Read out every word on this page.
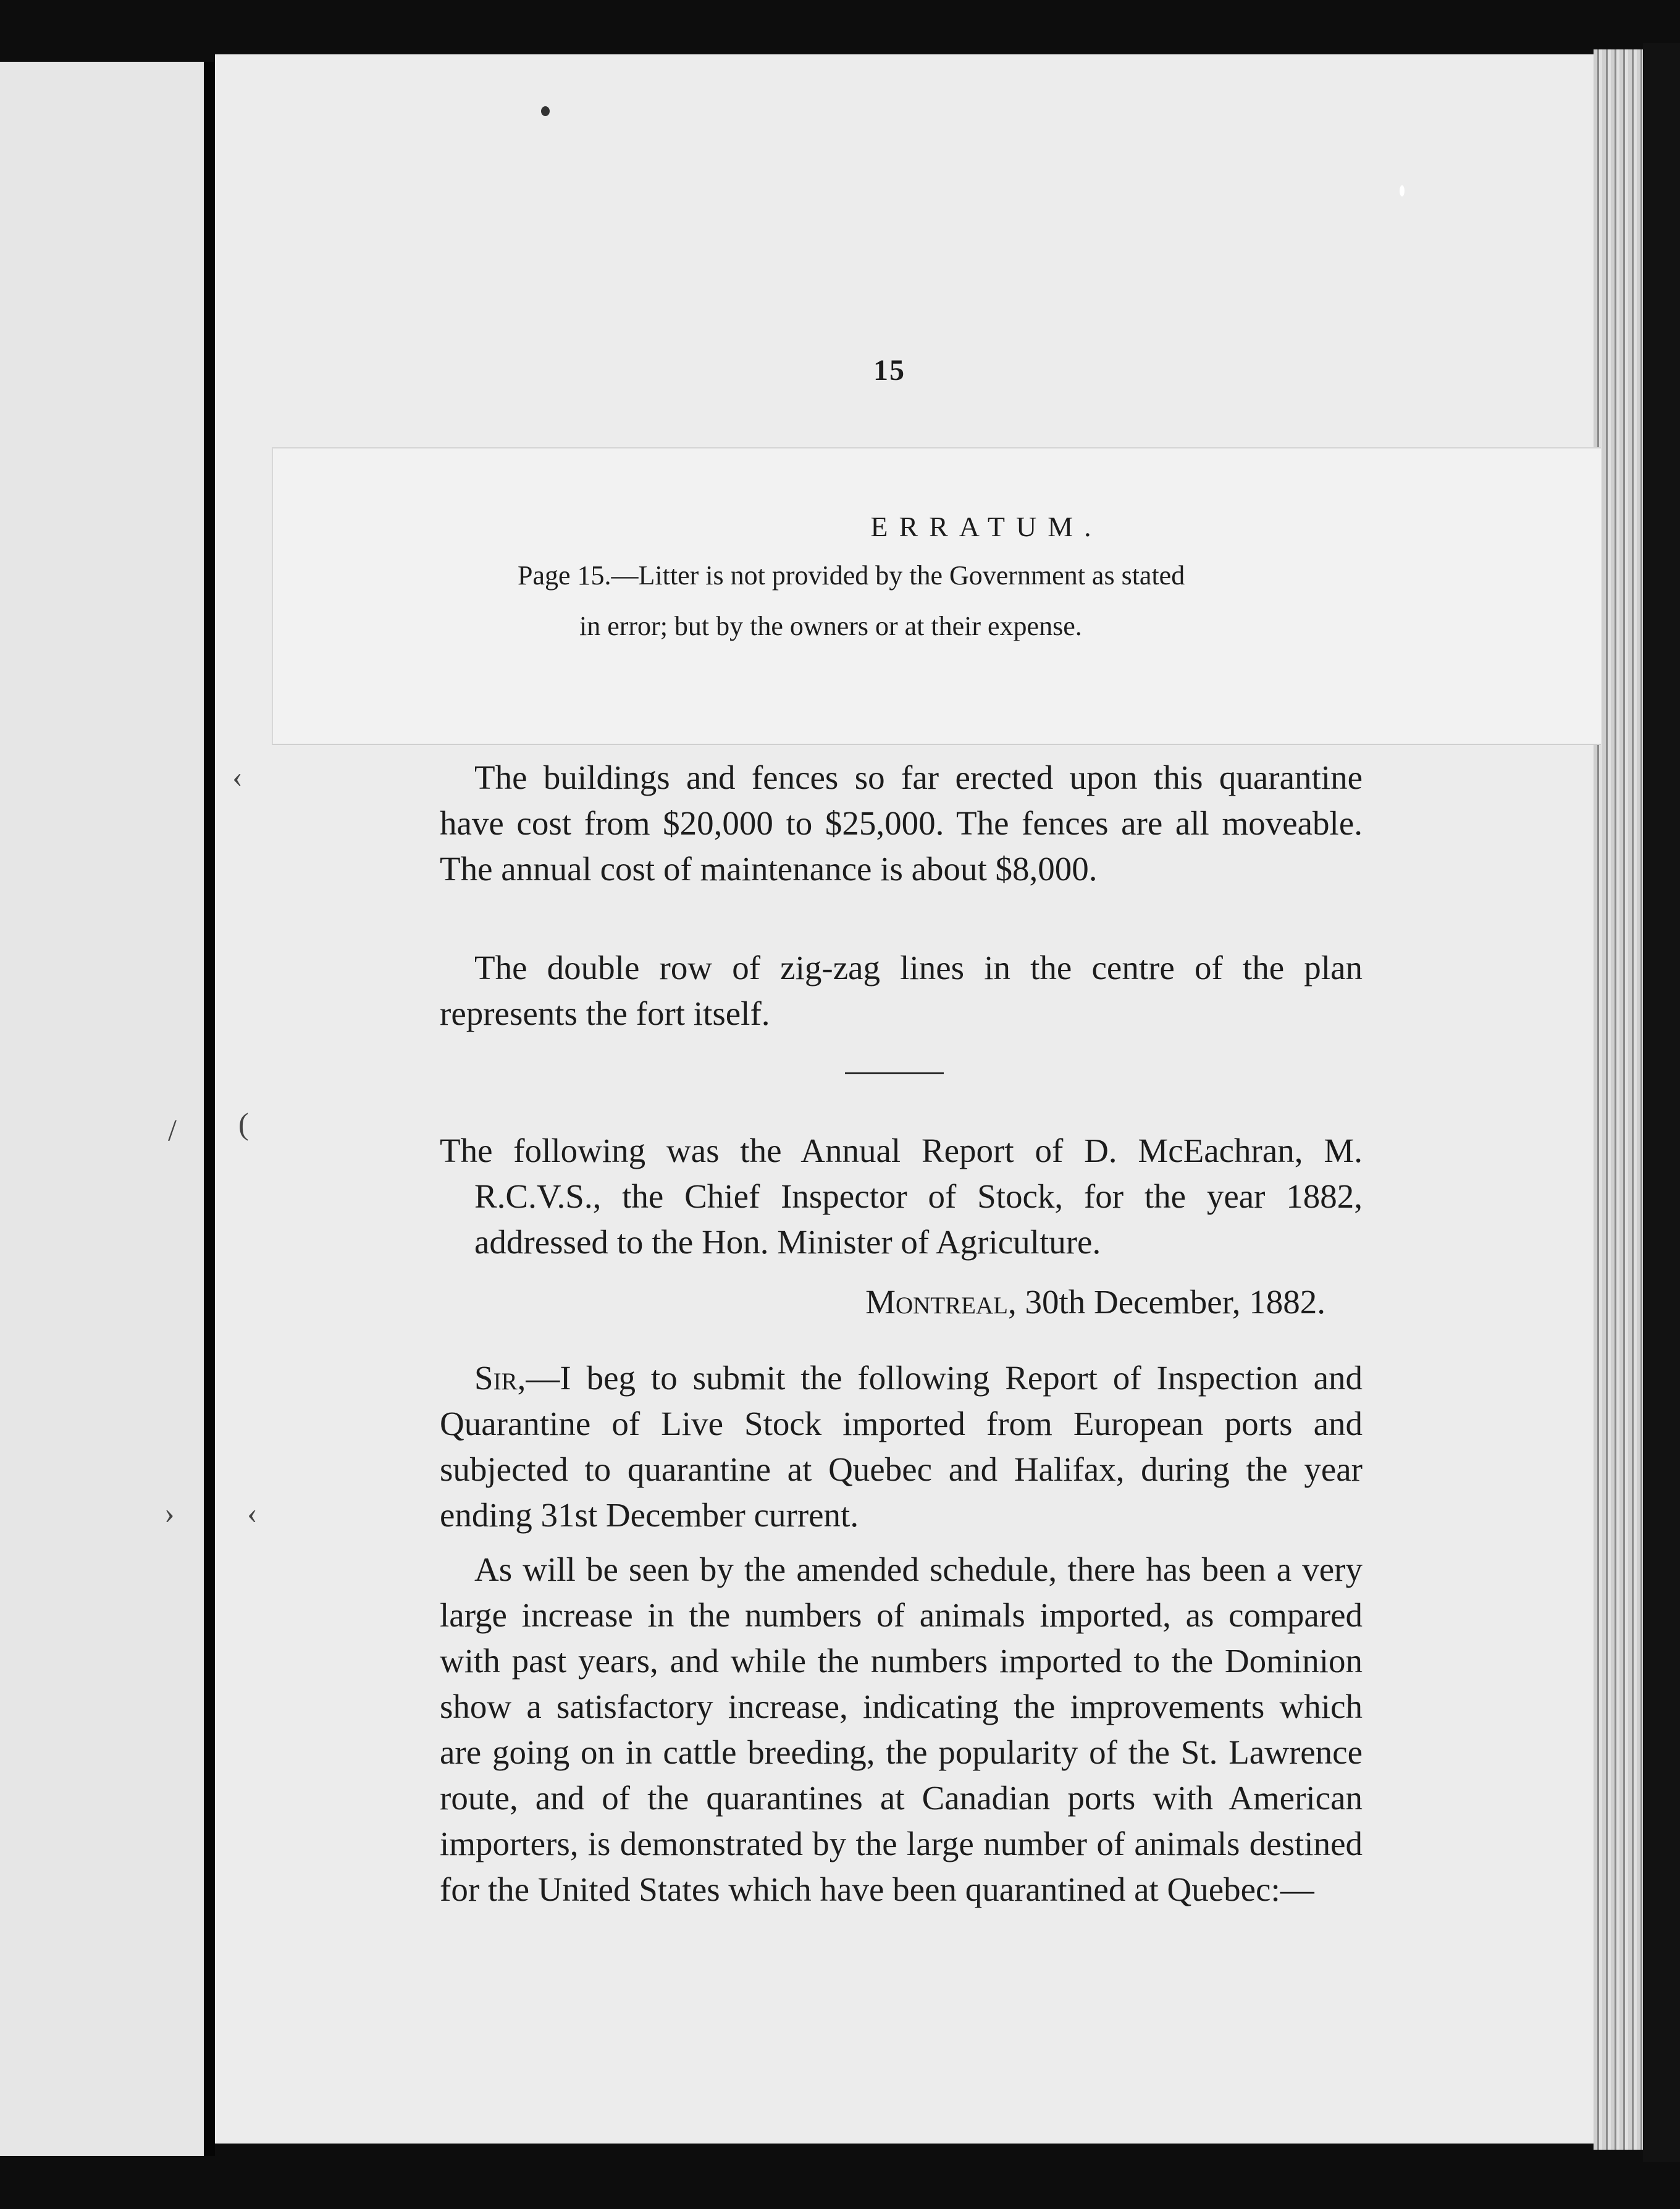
‹
(
‹
/
›
15
ERRATUM.
Page 15.—Litter is not provided by the Government as stated
in error; but by the owners or at their expense.

The buildings and fences so far erected upon this quarantine have cost from $20,000 to $25,000. The fences are all moveable. The annual cost of maintenance is about $8,000.

The double row of zig-zag lines in the centre of the plan represents the fort itself.

The following was the Annual Report of D. McEachran, M. R.C.V.S., the Chief Inspector of Stock, for the year 1882, addressed to the Hon. Minister of Agriculture.

Montreal, 30th December, 1882.

Sir,—I beg to submit the following Report of Inspection and Quarantine of Live Stock imported from European ports and subjected to quarantine at Quebec and Halifax, during the year ending 31st December current.

As will be seen by the amended schedule, there has been a very large increase in the numbers of animals imported, as compared with past years, and while the numbers imported to the Dominion show a satisfactory increase, indicating the improvements which are going on in cattle breeding, the popularity of the St. Lawrence route, and of the quarantines at Canadian ports with American importers, is demonstrated by the large number of animals destined for the United States which have been quarantined at Quebec:—
